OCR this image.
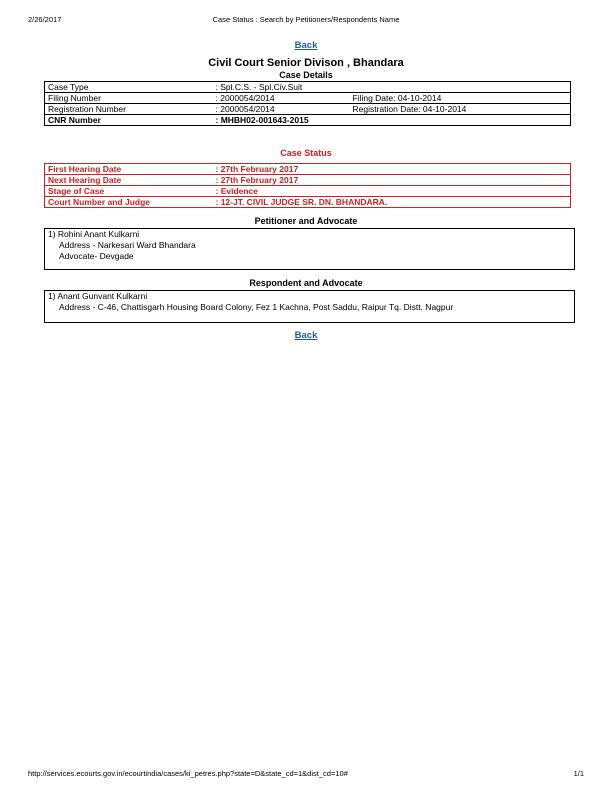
2/26/2017	Case Status : Search by Petitioners/Respondents Name
Back
Civil Court Senior Divison , Bhandara
Case Details
Case Type	: Spl.C.S. - Spl.Civ.Suit	
Filing Number	: 2000054/2014	Filing Date: 04-10-2014
Registration Number	: 2000054/2014	Registration Date: 04-10-2014
CNR Number	: MHBH02-001643-2015	
Case Status
First Hearing Date	: 27th February 2017
Next Hearing Date	: 27th February 2017
Stage of Case	: Evidence
Court Number and Judge	: 12-JT. CIVIL JUDGE SR. DN. BHANDARA.
Petitioner and Advocate
1) Rohini Anant Kulkarni
Address - Narkesari Ward Bhandara
Advocate- Devgade
Respondent and Advocate
1) Anant Gunvant Kulkarni
Address - C-46, Chattisgarh Housing Board Colony, Fez 1 Kachna, Post Saddu, Raipur Tq. Distt. Nagpur
Back
http://services.ecourts.gov.in/ecourtindia/cases/ki_petres.php?state=D&state_cd=1&dist_cd=10#	1/1
